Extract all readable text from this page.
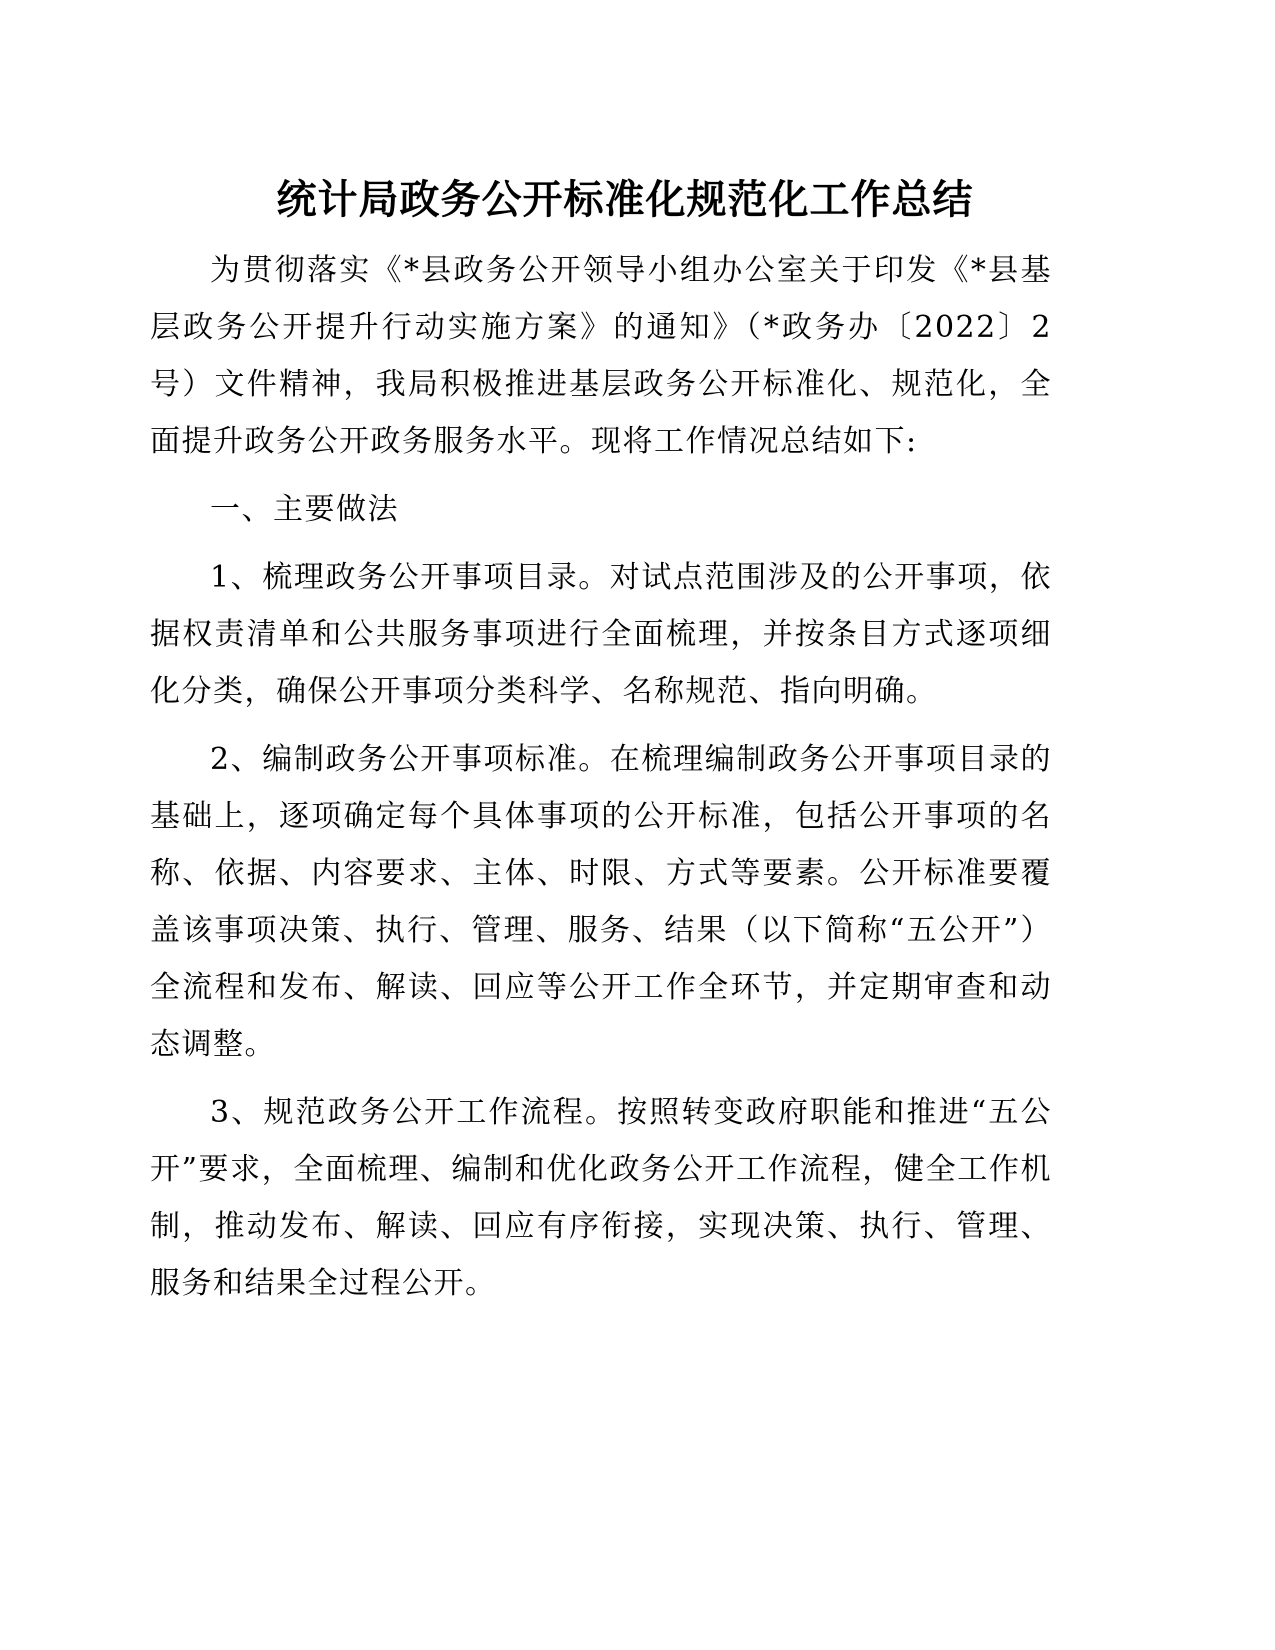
统计局政务公开标准化规范化工作总结

为贯彻落实《*县政务公开领导小组办公室关于印发《*县基层政务公开提升行动实施方案》的通知》（*政务办〔2022〕2号）文件精神，我局积极推进基层政务公开标准化、规范化，全面提升政务公开政务服务水平。现将工作情况总结如下:

一、主要做法

1、梳理政务公开事项目录。对试点范围涉及的公开事项，依据权责清单和公共服务事项进行全面梳理，并按条目方式逐项细化分类，确保公开事项分类科学、名称规范、指向明确。

2、编制政务公开事项标准。在梳理编制政务公开事项目录的基础上，逐项确定每个具体事项的公开标准，包括公开事项的名称、依据、内容要求、主体、时限、方式等要素。公开标准要覆盖该事项决策、执行、管理、服务、结果（以下简称“五公开”）全流程和发布、解读、回应等公开工作全环节，并定期审查和动态调整。

3、规范政务公开工作流程。按照转变政府职能和推进“五公开”要求，全面梳理、编制和优化政务公开工作流程，健全工作机制，推动发布、解读、回应有序衔接，实现决策、执行、管理、服务和结果全过程公开。
